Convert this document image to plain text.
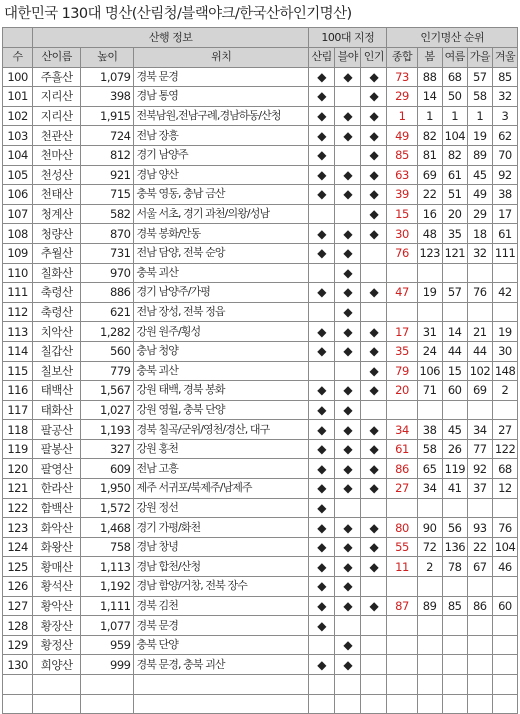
대한민국 130대 명산(산림청/블랙야크/한국산하인기명산)
	산행 정보			100대 지정			인기명산 순위				
수	산이름	높이	위치	산림	블야	인기	종합	봄	여름	가을	겨울
100	주흘산	1,079	경북 문경	◆	◆	◆	73	88	68	57	85
101	지리산	398	경남 통영	◆		◆	29	14	50	58	32
102	지리산	1,915	전북남원,전남구례,경남하동/산청	◆	◆	◆	1	1	1	1	3
103	천관산	724	전남 장흥	◆	◆	◆	49	82	104	19	62
104	천마산	812	경기 남양주	◆		◆	85	81	82	89	70
105	천성산	921	경남 양산	◆	◆	◆	63	69	61	45	92
106	천태산	715	충북 영동, 충남 금산	◆	◆	◆	39	22	51	49	38
107	청계산	582	서울 서초, 경기 과천/의왕/성남			◆	15	16	20	29	17
108	청량산	870	경북 봉화/안동	◆	◆	◆	30	48	35	18	61
109	추월산	731	전남 담양, 전북 순앙	◆	◆		76	123	121	32	111
110	칠화산	970	충북 괴산		◆						
111	축령산	886	경기 남양주/가평	◆	◆	◆	47	19	57	76	42
112	축령산	621	전남 장성, 전북 정읍		◆						
113	치악산	1,282	강원 원주/횡성	◆	◆	◆	17	31	14	21	19
114	칠갑산	560	충남 청양	◆	◆	◆	35	24	44	44	30
115	칠보산	779	충북 괴산			◆	79	106	15	102	148
116	태백산	1,567	강원 태백, 경북 봉화	◆	◆	◆	20	71	60	69	2
117	태화산	1,027	강원 영월, 충북 단양	◆	◆						
118	팔공산	1,193	경북 칠곡/군위/영천/경산, 대구	◆	◆	◆	34	38	45	34	27
119	팔봉산	327	강원 홍천	◆	◆	◆	61	58	26	77	122
120	팔영산	609	전남 고흥	◆	◆	◆	86	65	119	92	68
121	한라산	1,950	제주 서귀포/북제주/남제주	◆	◆	◆	27	34	41	37	12
122	함백산	1,572	강원 정선	◆							
123	화악산	1,468	경기 가평/화천	◆	◆	◆	80	90	56	93	76
124	화왕산	758	경남 창녕	◆	◆	◆	55	72	136	22	104
125	황매산	1,113	경남 합천/산청	◆	◆	◆	11	2	78	67	46
126	황석산	1,192	경남 함양/거창, 전북 장수	◆	◆						
127	황악산	1,111	경북 김천	◆	◆	◆	87	89	85	86	60
128	황장산	1,077	경북 문경	◆							
129	황정산	959	충북 단양		◆						
130	희양산	999	경북 문경, 충북 괴산	◆	◆						
